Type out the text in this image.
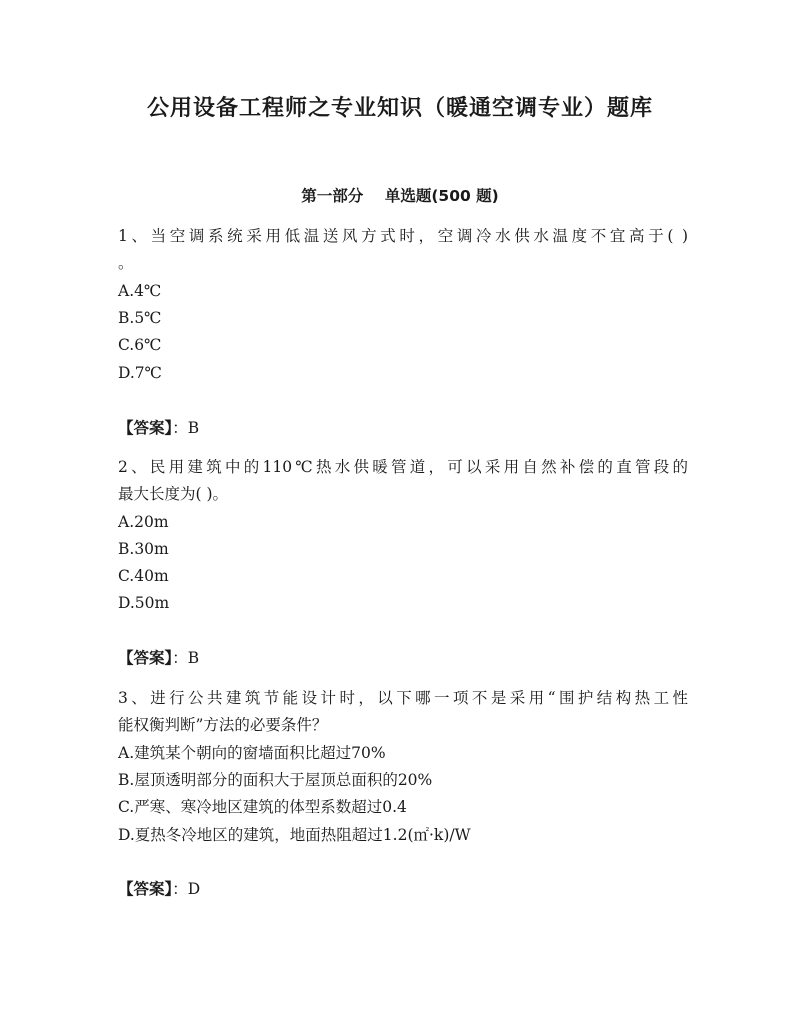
公用设备工程师之专业知识（暖通空调专业）题库
第一部分    单选题(500 题)
1、当空调系统采用低温送风方式时，空调冷水供水温度不宜高于( )
。
A.4℃
B.5℃
C.6℃
D.7℃
【答案】：B
2、民用建筑中的110℃热水供暖管道，可以采用自然补偿的直管段的
最大长度为( )。
A.20m
B.30m
C.40m
D.50m
【答案】：B
3、进行公共建筑节能设计时，以下哪一项不是采用“围护结构热工性
能权衡判断”方法的必要条件？
A.建筑某个朝向的窗墙面积比超过70%
B.屋顶透明部分的面积大于屋顶总面积的20%
C.严寒、寒冷地区建筑的体型系数超过0.4
D.夏热冬冷地区的建筑，地面热阻超过1.2(㎡·k)/W
【答案】：D
